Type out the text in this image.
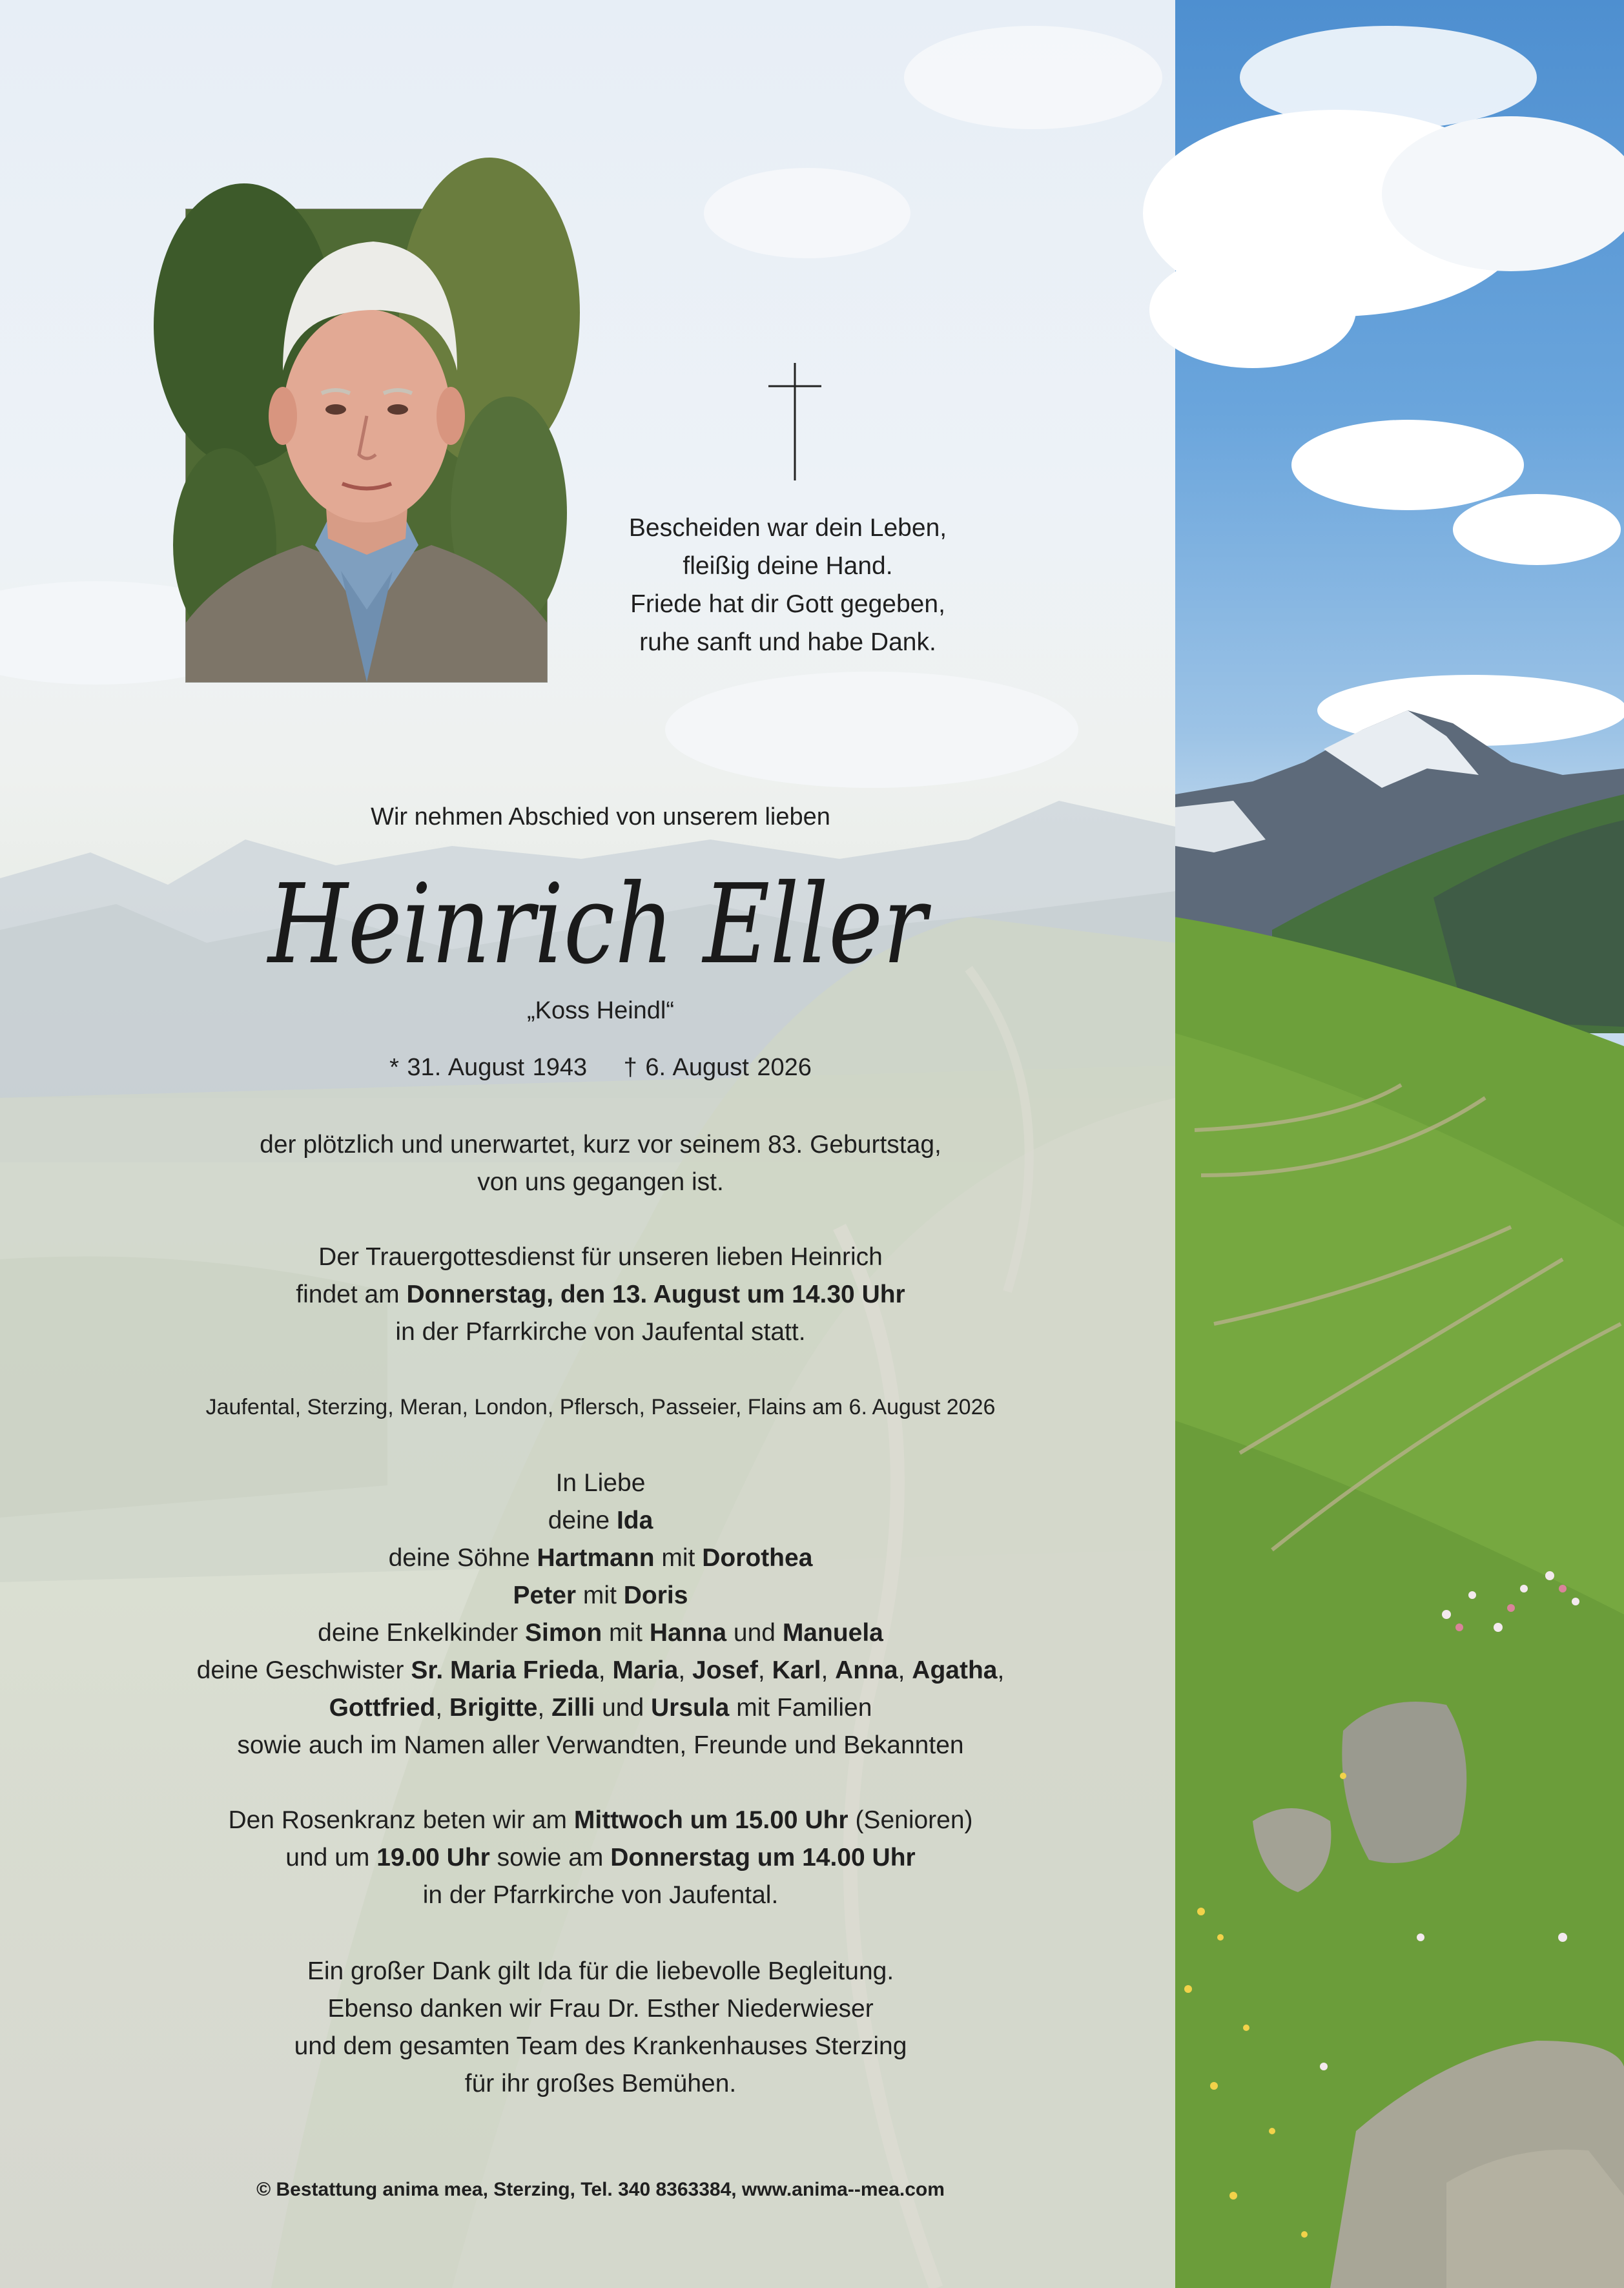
Bescheiden war dein Leben,
fleißig deine Hand.
Friede hat dir Gott gegeben,
ruhe sanft und habe Dank.
Wir nehmen Abschied von unserem lieben
Heinrich Eller
„Koss Heindl“
* 31. August 1943 † 6. August 2026
der plötzlich und unerwartet, kurz vor seinem 83. Geburtstag,
von uns gegangen ist.
Der Trauergottesdienst für unseren lieben Heinrich
findet am Donnerstag, den 13. August um 14.30 Uhr
in der Pfarrkirche von Jaufental statt.
Jaufental, Sterzing, Meran, London, Pflersch, Passeier, Flains am 6. August 2026
In Liebe
deine Ida
deine Söhne Hartmann mit Dorothea
Peter mit Doris
deine Enkelkinder Simon mit Hanna und Manuela
deine Geschwister Sr. Maria Frieda, Maria, Josef, Karl, Anna, Agatha,
Gottfried, Brigitte, Zilli und Ursula mit Familien
sowie auch im Namen aller Verwandten, Freunde und Bekannten
Den Rosenkranz beten wir am Mittwoch um 15.00 Uhr (Senioren)
und um 19.00 Uhr sowie am Donnerstag um 14.00 Uhr
in der Pfarrkirche von Jaufental.
Ein großer Dank gilt Ida für die liebevolle Begleitung.
Ebenso danken wir Frau Dr. Esther Niederwieser
und dem gesamten Team des Krankenhauses Sterzing
für ihr großes Bemühen.
© Bestattung anima mea, Sterzing, Tel. 340 8363384, www.anima--mea.com
